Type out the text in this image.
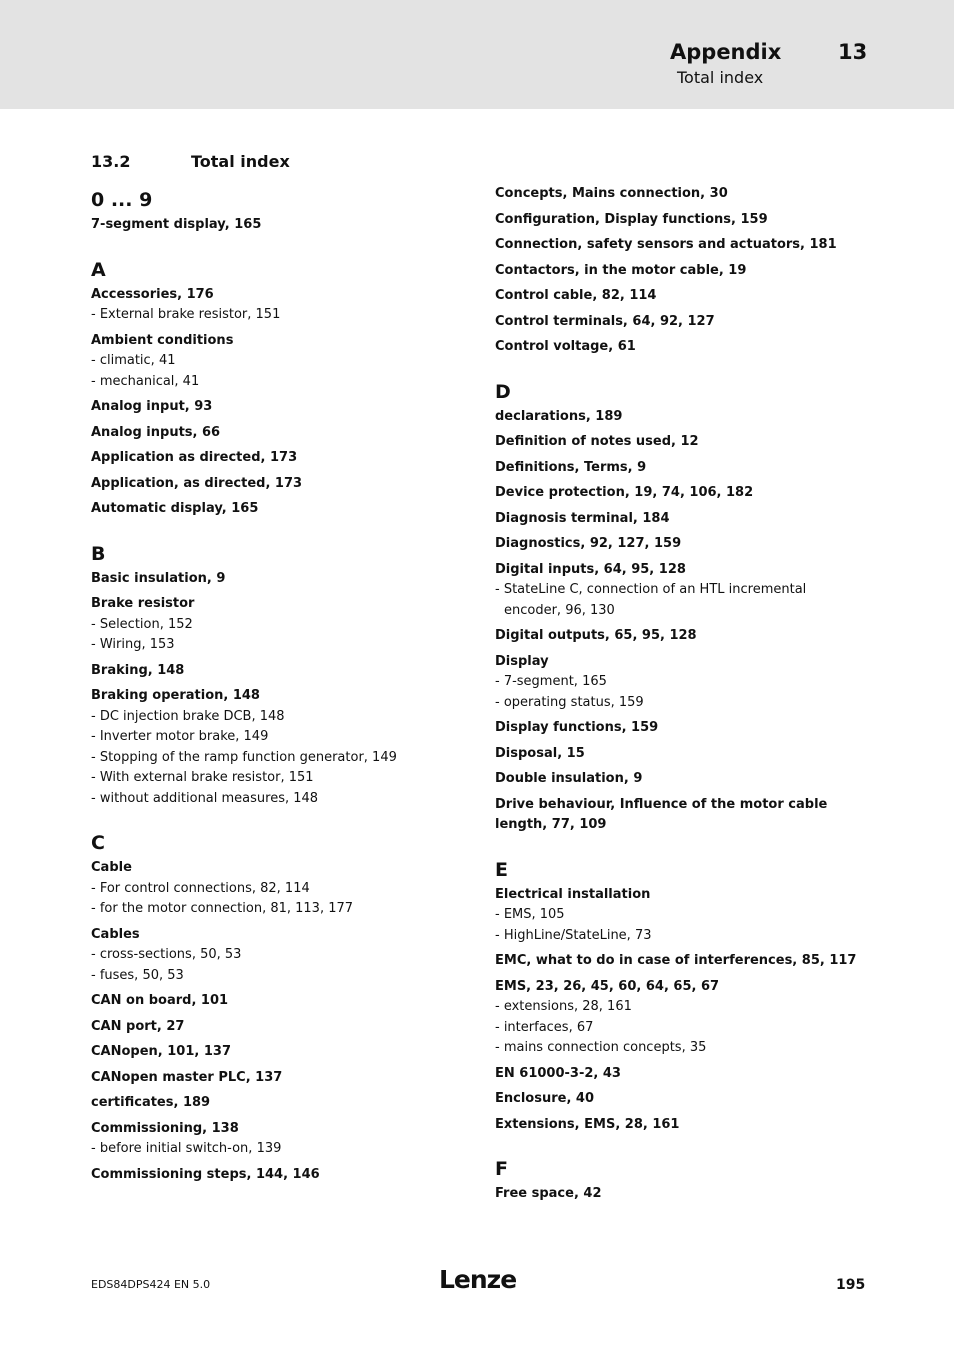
Appendix	13
Total index
13.2	Total index
0 ... 9
7-segment display, 165
A
Accessories, 176
- External brake resistor, 151
Ambient conditions
- climatic, 41
- mechanical, 41
Analog input, 93
Analog inputs, 66
Application as directed, 173
Application, as directed, 173
Automatic display, 165
B
Basic insulation, 9
Brake resistor
- Selection, 152
- Wiring, 153
Braking, 148
Braking operation, 148
- DC injection brake DCB, 148
- Inverter motor brake, 149
- Stopping of the ramp function generator, 149
- With external brake resistor, 151
- without additional measures, 148
C
Cable
- For control connections, 82, 114
- for the motor connection, 81, 113, 177
Cables
- cross-sections, 50, 53
- fuses, 50, 53
CAN on board, 101
CAN port, 27
CANopen, 101, 137
CANopen master PLC, 137
certificates, 189
Commissioning, 138
- before initial switch-on, 139
Commissioning steps, 144, 146
Concepts, Mains connection, 30
Configuration, Display functions, 159
Connection, safety sensors and actuators, 181
Contactors, in the motor cable, 19
Control cable, 82, 114
Control terminals, 64, 92, 127
Control voltage, 61
D
declarations, 189
Definition of notes used, 12
Definitions, Terms, 9
Device protection, 19, 74, 106, 182
Diagnosis terminal, 184
Diagnostics, 92, 127, 159
Digital inputs, 64, 95, 128
- StateLine C, connection of an HTL incremental encoder, 96, 130
Digital outputs, 65, 95, 128
Display
- 7-segment, 165
- operating status, 159
Display functions, 159
Disposal, 15
Double insulation, 9
Drive behaviour, Influence of the motor cable length, 77, 109
E
Electrical installation
- EMS, 105
- HighLine/StateLine, 73
EMC, what to do in case of interferences, 85, 117
EMS, 23, 26, 45, 60, 64, 65, 67
- extensions, 28, 161
- interfaces, 67
- mains connection concepts, 35
EN 61000-3-2, 43
Enclosure, 40
Extensions, EMS, 28, 161
F
Free space, 42
EDS84DPS424 EN 5.0	Lenze	195
